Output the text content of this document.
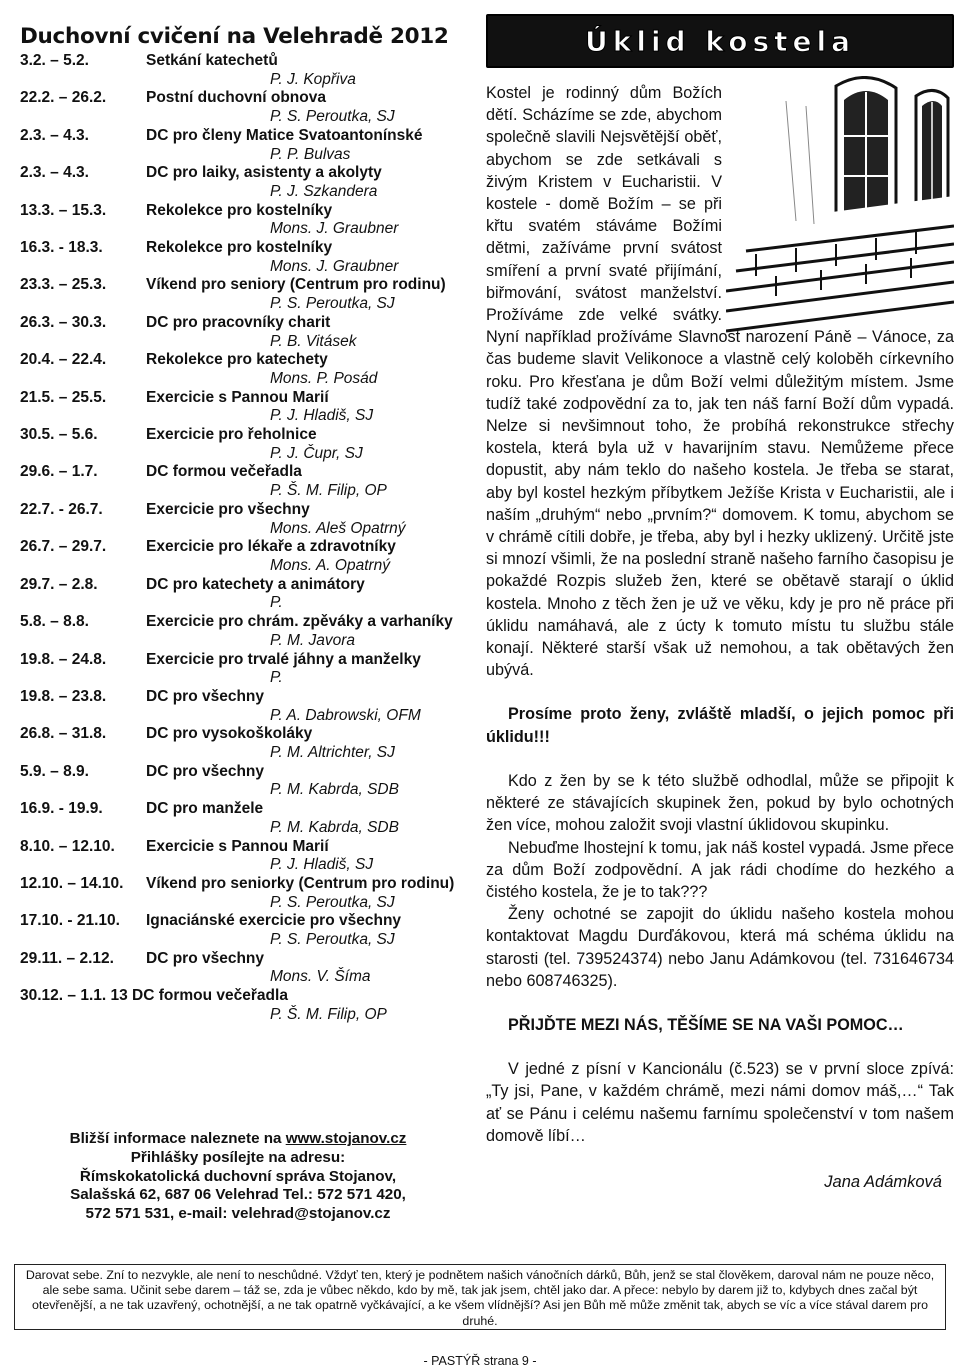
Duchovní cvičení na Velehradě 2012
3.2. – 5.2.	Setkání katechetů
P. J. Kopřiva
22.2. – 26.2.	Postní duchovní obnova
P. S. Peroutka, SJ
2.3. – 4.3.	DC pro členy Matice Svatoantonínské
P. P. Bulvas
2.3. – 4.3.	DC pro laiky, asistenty a akolyty
P. J. Szkandera
13.3. – 15.3.	Rekolekce pro kostelníky
Mons. J. Graubner
16.3. - 18.3.	Rekolekce pro kostelníky
Mons. J. Graubner
23.3. – 25.3.	Víkend pro seniory (Centrum pro rodinu)
P. S. Peroutka, SJ
26.3. – 30.3.	DC pro pracovníky charit
P. B. Vitásek
20.4. – 22.4.	Rekolekce pro katechety
Mons. P. Posád
21.5. – 25.5.	Exercicie s Pannou Marií
P. J. Hladiš, SJ
30.5. – 5.6.	Exercicie pro řeholnice
P. J. Čupr, SJ
29.6. – 1.7.	DC formou večeřadla
P. Š. M. Filip, OP
22.7. - 26.7.	Exercicie pro všechny
Mons. Aleš Opatrný
26.7. – 29.7.	Exercicie pro lékaře a zdravotníky
Mons. A. Opatrný
29.7. – 2.8.	DC pro katechety a animátory
P.
5.8. – 8.8.	Exercicie pro chrám. zpěváky a varhaníky
P. M. Javora
19.8. – 24.8.	Exercicie pro trvalé jáhny a manželky
P.
19.8. – 23.8.	DC pro všechny
P. A. Dabrowski, OFM
26.8. – 31.8.	DC pro vysokoškoláky
P. M. Altrichter, SJ
5.9. – 8.9.	DC pro všechny
P. M. Kabrda, SDB
16.9. - 19.9.	DC pro manžele
P. M. Kabrda, SDB
8.10. – 12.10. Exercicie s Pannou Marií
P. J. Hladiš, SJ
12.10. – 14.10. Víkend pro seniorky (Centrum pro rodinu)
P. S. Peroutka, SJ
17.10. - 21.10. Ignaciánské exercicie pro všechny
P. S. Peroutka, SJ
29.11. – 2.12. DC pro všechny
Mons. V. Šíma
30.12. – 1.1. 13 DC formou večeřadla
P. Š. M. Filip, OP
Bližší informace naleznete na www.stojanov.cz
Přihlášky posílejte na adresu:
Římskokatolická duchovní správa Stojanov,
Salašská 62, 687 06 Velehrad Tel.: 572 571 420,
572 571 531, e-mail: velehrad@stojanov.cz
Úklid kostela
Kostel je rodinný dům Božích dětí. Scházíme se zde, abychom společně slavili Nejsvětější oběť, abychom se zde setkávali s živým Kristem v Eucharistii. V kostele - domě Božím – se při křtu svatém stáváme Božími dětmi, zažíváme první svátost smíření a první svaté přijímání, biřmování, svátost manželství. Prožíváme zde velké svátky. Nyní například prožíváme Slavnost narození Páně – Vánoce, za čas budeme slavit Velikonoce a vlastně celý koloběh církevního roku. Pro křesťana je dům Boží velmi důležitým místem. Jsme tudíž také zodpovědní za to, jak ten náš farní Boží dům vypadá. Nelze si nevšimnout toho, že probíhá rekonstrukce střechy kostela, která byla už v havarijním stavu. Nemůžeme přece dopustit, aby nám teklo do našeho kostela. Je třeba se starat, aby byl kostel hezkým příbytkem Ježíše Krista v Eucharistii, ale i naším „druhým“ nebo „prvním?“ domovem. K tomu, abychom se v chrámě cítili dobře, je třeba, aby byl i hezky uklizený. Určitě jste si mnozí všimli, že na poslední straně našeho farního časopisu je pokaždé Rozpis služeb žen, které se obětavě starají o úklid kostela. Mnoho z těch žen je už ve věku, kdy je pro ně práce při úklidu namáhavá, ale z úcty k tomuto místu tu službu stále konají. Některé starší však už nemohou, a tak obětavých žen ubývá.
Prosíme proto ženy, zvláště mladší, o jejich pomoc při úklidu!!!
Kdo z žen by se k této službě odhodlal, může se připojit k některé ze stávajících skupinek žen, pokud by bylo ochotných žen více, mohou založit svoji vlastní úklidovou skupinku.
Nebuďme lhostejní k tomu, jak náš kostel vypadá. Jsme přece za dům Boží zodpovědní. A jak rádi chodíme do hezkého a čistého kostela, že je to tak???
Ženy ochotné se zapojit do úklidu našeho kostela mohou kontaktovat Magdu Durďákovou, která má schéma úklidu na starosti (tel. 739524374) nebo Janu Adámkovou (tel. 731646734 nebo 608746325).
PŘIJĎTE MEZI NÁS, TĚŠÍME SE NA VAŠI POMOC…
V jedné z písní v Kancionálu (č.523) se v první sloce zpívá: „Ty jsi, Pane, v každém chrámě, mezi námi domov máš,…“ Tak ať se Pánu i celému našemu farnímu společenství v tom našem domově líbí…
Jana Adámková
Darovat sebe. Zní to nezvykle, ale není to neschůdné. Vždyť ten, který je podnětem našich vánočních dárků, Bůh, jenž se stal člověkem, daroval nám ne pouze něco, ale sebe sama. Učinit sebe darem – táž se, zda je vůbec někdo, kdo by mě, tak jak jsem, chtěl jako dar. A přece: nebylo by darem již to, kdybych dnes začal být otevřenější, a ne tak uzavřený, ochotnější, a ne tak opatrně vyčkávající, a ke všem vlídnější? Asi jen Bůh mě může změnit tak, abych se víc a více stával darem pro druhé.
- PASTÝŘ strana 9 -
